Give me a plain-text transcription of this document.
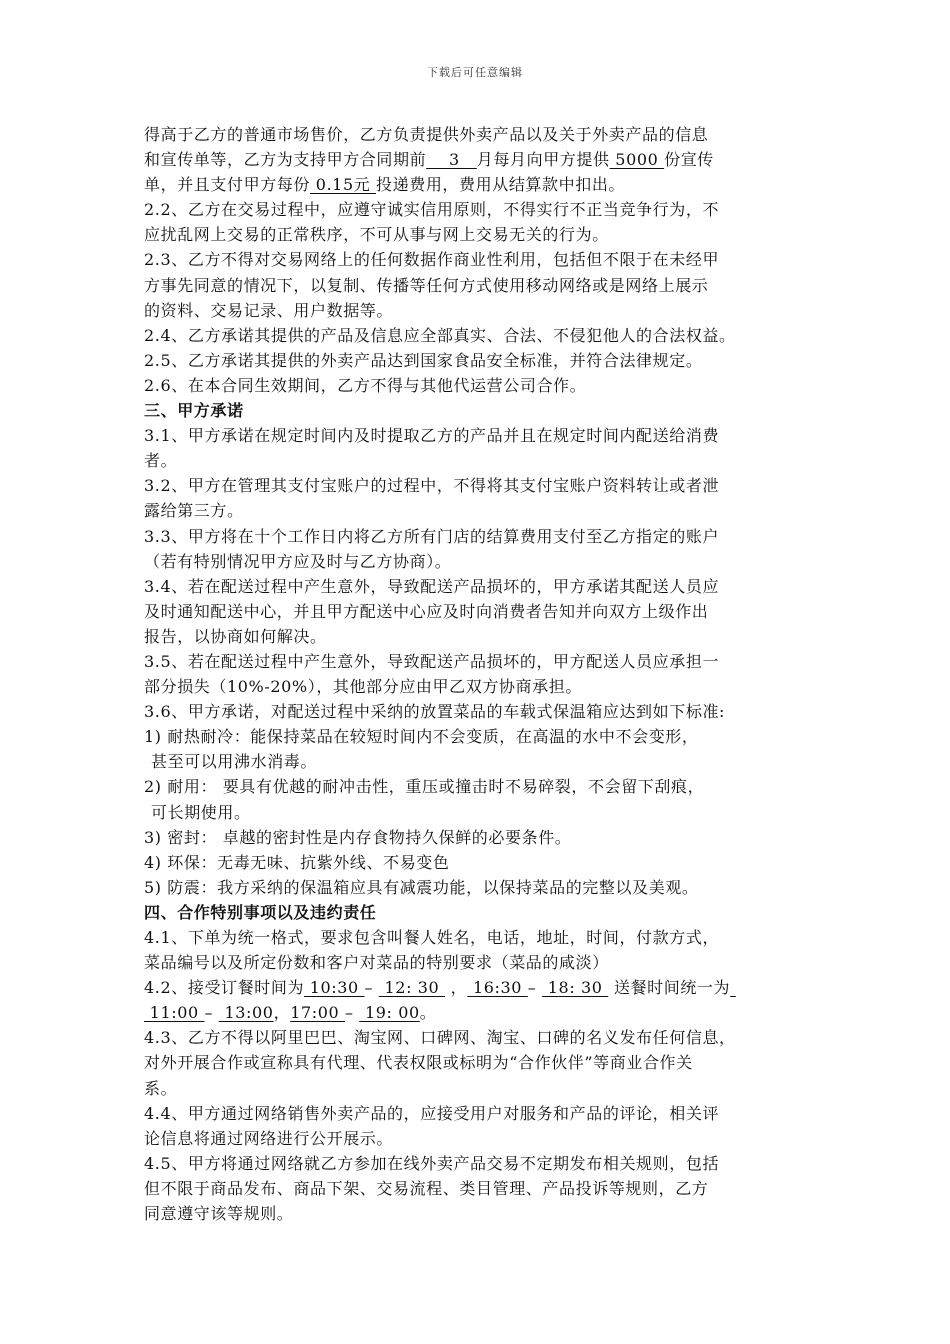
下载后可任意编辑
得高于乙方的普通市场售价，乙方负责提供外卖产品以及关于外卖产品的信息
和宣传单等，乙方为支持甲方合同期前    3   月每月向甲方提供 5000 份宣传
单，并且支付甲方每份 0.15元 投递费用，费用从结算款中扣出。
2.2、乙方在交易过程中，应遵守诚实信用原则，不得实行不正当竞争行为，不
应扰乱网上交易的正常秩序，不可从事与网上交易无关的行为。
2.3、乙方不得对交易网络上的任何数据作商业性利用，包括但不限于在未经甲
方事先同意的情况下，以复制、传播等任何方式使用移动网络或是网络上展示
的资料、交易记录、用户数据等。
2.4、乙方承诺其提供的产品及信息应全部真实、合法、不侵犯他人的合法权益。
2.5、乙方承诺其提供的外卖产品达到国家食品安全标准，并符合法律规定。
2.6、在本合同生效期间，乙方不得与其他代运营公司合作。
三、甲方承诺
3.1、甲方承诺在规定时间内及时提取乙方的产品并且在规定时间内配送给消费
者。
3.2、甲方在管理其支付宝账户的过程中，不得将其支付宝账户资料转让或者泄
露给第三方。
3.3、甲方将在十个工作日内将乙方所有门店的结算费用支付至乙方指定的账户
（若有特别情况甲方应及时与乙方协商）。
3.4、若在配送过程中产生意外，导致配送产品损坏的，甲方承诺其配送人员应
及时通知配送中心，并且甲方配送中心应及时向消费者告知并向双方上级作出
报告，以协商如何解决。
3.5、若在配送过程中产生意外，导致配送产品损坏的，甲方配送人员应承担一
部分损失（10%-20%），其他部分应由甲乙双方协商承担。
3.6、甲方承诺，对配送过程中采纳的放置菜品的车载式保温箱应达到如下标准:
1) 耐热耐冷：能保持菜品在较短时间内不会变质，在高温的水中不会变形，
甚至可以用沸水消毒。
2) 耐用： 要具有优越的耐冲击性，重压或撞击时不易碎裂，不会留下刮痕，
可长期使用。
3) 密封： 卓越的密封性是内存食物持久保鲜的必要条件。
4) 环保：无毒无味、抗紫外线、不易变色
5) 防震：我方采纳的保温箱应具有减震功能，以保持菜品的完整以及美观。
四、合作特别事项以及违约责任
4.1、下单为统一格式，要求包含叫餐人姓名，电话，地址，时间，付款方式，
菜品编号以及所定份数和客户对菜品的特别要求（菜品的咸淡）
4.2、接受订餐时间为 10:30 –  12: 30  ， 16:30 –  18: 30  送餐时间统一为
11:00 –  13:00，17:00 –  19: 00。
4.3、乙方不得以阿里巴巴、淘宝网、口碑网、淘宝、口碑的名义发布任何信息，
对外开展合作或宣称具有代理、代表权限或标明为“合作伙伴”等商业合作关
系。
4.4、甲方通过网络销售外卖产品的，应接受用户对服务和产品的评论，相关评
论信息将通过网络进行公开展示。
4.5、甲方将通过网络就乙方参加在线外卖产品交易不定期发布相关规则，包括
但不限于商品发布、商品下架、交易流程、类目管理、产品投诉等规则，乙方
同意遵守该等规则。
